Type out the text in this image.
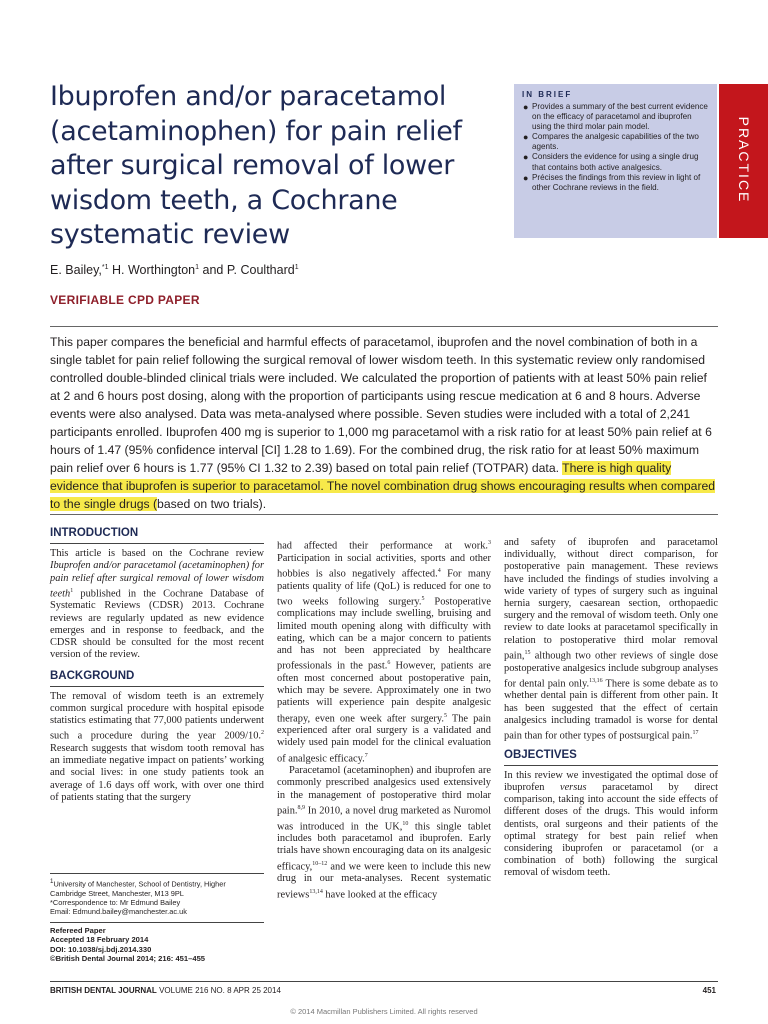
Ibuprofen and/or paracetamol (acetaminophen) for pain relief after surgical removal of lower wisdom teeth, a Cochrane systematic review
E. Bailey,$^{*1}$ H. Worthington$^1$ and P. Coulthard$^1$
VERIFIABLE CPD PAPER
IN BRIEF
● Provides a summary of the best current evidence on the efficacy of paracetamol and ibuprofen using the third molar pain model.
● Compares the analgesic capabilities of the two agents.
● Considers the evidence for using a single drug that contains both active analgesics.
● Précises the findings from this review in light of other Cochrane reviews in the field.	PRACTICE

This paper compares the beneficial and harmful effects of paracetamol, ibuprofen and the novel combination of both in a single tablet for pain relief following the surgical removal of lower wisdom teeth. In this systematic review only randomised controlled double-blinded clinical trials were included. We calculated the proportion of patients with at least 50% pain relief at 2 and 6 hours post dosing, along with the proportion of participants using rescue medication at 6 and 8 hours. Adverse events were also analysed. Data was meta-analysed where possible. Seven studies were included with a total of 2,241 participants enrolled. Ibuprofen 400 mg is superior to 1,000 mg paracetamol with a risk ratio for at least 50% pain relief at 6 hours of 1.47 (95% confidence interval [CI] 1.28 to 1.69). For the combined drug, the risk ratio for at least 50% maximum pain relief over 6 hours is 1.77 (95% CI 1.32 to 2.39) based on total pain relief (TOTPAR) data. There is high quality evidence that ibuprofen is superior to paracetamol. The novel combination drug shows encouraging results when compared to the single drugs (based on two trials).

INTRODUCTION

This article is based on the Cochrane review Ibuprofen and/or paracetamol (acetaminophen) for pain relief after surgical removal of lower wisdom teeth$^1$ published in the Cochrane Database of Systematic Reviews (CDSR) 2013. Cochrane reviews are regularly updated as new evidence emerges and in response to feedback, and the CDSR should be consulted for the most recent version of the review.

BACKGROUND

The removal of wisdom teeth is an extremely common surgical procedure with hospital episode statistics estimating that 77,000 patients underwent such a procedure during the year 2009/10.$^2$ Research suggests that wisdom tooth removal has an immediate negative impact on patients’ working and social lives: in one study patients took an average of 1.6 days off work, with over one third of patients stating that the surgery

$^1$University of Manchester, School of Dentistry, Higher Cambridge Street, Manchester, M13 9PL

*Correspondence to: Mr Edmund Bailey

Email: Edmund.bailey@manchester.ac.uk

Refereed Paper

Accepted 18 February 2014

DOI: 10.1038/sj.bdj.2014.330

©British Dental Journal 2014; 216: 451–455

had affected their performance at work.$^3$ Participation in social activities, sports and other hobbies is also negatively affected.$^4$ For many patients quality of life (QoL) is reduced for one to two weeks following surgery.$^5$ Postoperative complications may include swelling, bruising and limited mouth opening along with difficulty with eating, which can be a major concern to patients and has not been appreciated by healthcare professionals in the past.$^6$ However, patients are often most concerned about postoperative pain, which may be severe. Approximately one in two patients will experience pain despite analgesic therapy, even one week after surgery.$^5$ The pain experienced after oral surgery is a validated and widely used pain model for the clinical evaluation of analgesic efficacy.$^7$

Paracetamol (acetaminophen) and ibuprofen are commonly prescribed analgesics used extensively in the management of postoperative third molar pain.$^{8,9}$ In 2010, a novel drug marketed as Nuromol was introduced in the UK,$^{10}$ this single tablet includes both paracetamol and ibuprofen. Early trials have shown encouraging data on its analgesic efficacy,$^{10-12}$ and we were keen to include this new drug in our meta-analyses. Recent systematic reviews$^{13,14}$ have looked at the efficacy

and safety of ibuprofen and paracetamol individually, without direct comparison, for postoperative pain management. These reviews have included the findings of studies involving a wide variety of types of surgery such as inguinal hernia surgery, caesarean section, orthopaedic surgery and the removal of wisdom teeth. Only one review to date looks at paracetamol specifically in relation to postoperative third molar removal pain,$^{15}$ although two other reviews of single dose postoperative analgesics include subgroup analyses for dental pain only.$^{13,16}$ There is some debate as to whether dental pain is different from other pain. It has been suggested that the effect of certain analgesics including tramadol is worse for dental pain than for other types of postsurgical pain.$^{17}$

OBJECTIVES

In this review we investigated the optimal dose of ibuprofen versus paracetamol by direct comparison, taking into account the side effects of different doses of the drugs. This would inform dentists, oral surgeons and their patients of the optimal strategy for best pain relief when considering ibuprofen or paracetamol (or a combination of both) following the surgical removal of wisdom teeth.

BRITISH DENTAL JOURNAL VOLUME 216 NO. 8 APR 25 2014	451
© 2014 Macmillan Publishers Limited. All rights reserved
